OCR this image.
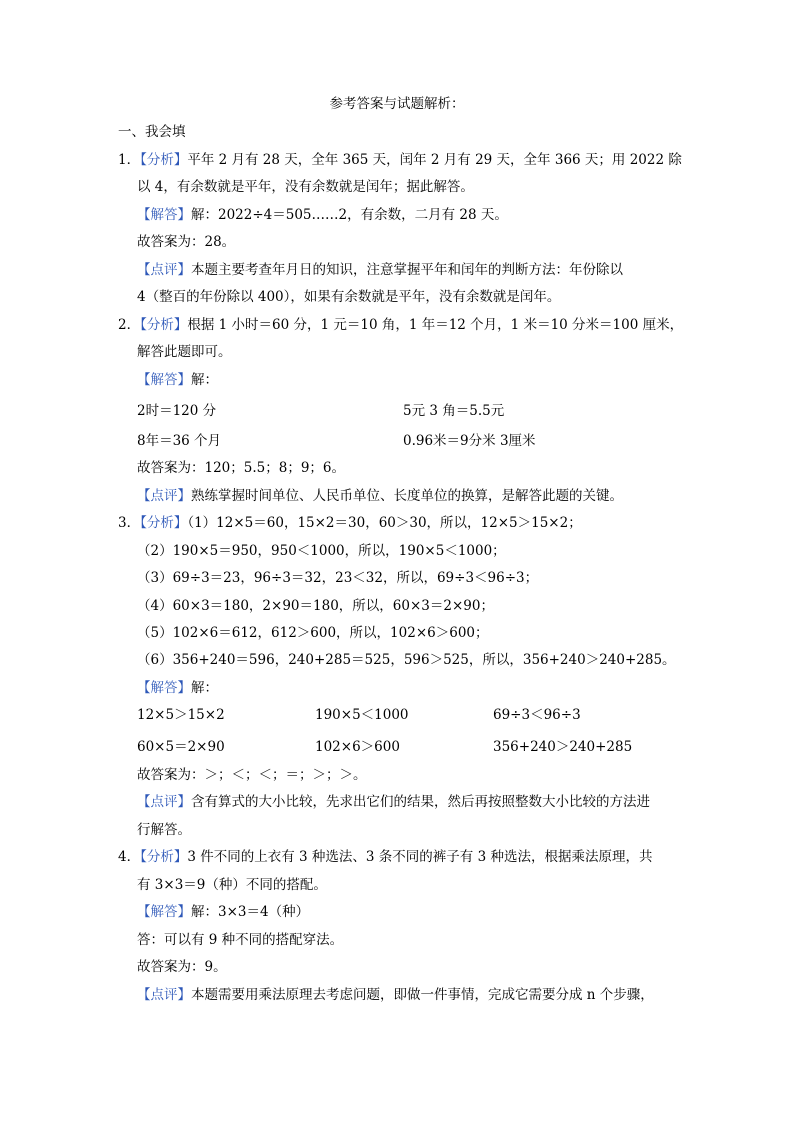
参考答案与试题解析：
一、我会填
1．【分析】平年 2 月有 28 天，全年 365 天，闰年 2 月有 29 天，全年 366 天；用 2022 除
以 4，有余数就是平年，没有余数就是闰年；据此解答。
【解答】解：2022÷4＝505……2，有余数，二月有 28 天。
故答案为：28。
【点评】本题主要考查年月日的知识，注意掌握平年和闰年的判断方法：年份除以
4（整百的年份除以 400），如果有余数就是平年，没有余数就是闰年。
2．【分析】根据 1 小时＝60 分，1 元＝10 角，1 年＝12 个月，1 米＝10 分米＝100 厘米，
解答此题即可。
【解答】解：
2时＝120 分	5元 3 角＝5.5元
8年＝36 个月	0.96米＝9分米 3厘米
故答案为：120；5.5；8；9；6。
【点评】熟练掌握时间单位、人民币单位、长度单位的换算，是解答此题的关键。
3．【分析】（1）12×5＝60，15×2＝30，60＞30，所以，12×5＞15×2；
（2）190×5＝950，950＜1000，所以，190×5＜1000；
（3）69÷3＝23，96÷3＝32，23＜32，所以，69÷3＜96÷3；
（4）60×3＝180，2×90＝180，所以，60×3＝2×90；
（5）102×6＝612，612＞600，所以，102×6＞600；
（6）356+240＝596，240+285＝525，596＞525，所以，356+240＞240+285。
【解答】解：
12×5＞15×2	190×5＜1000	69÷3＜96÷3
60×5＝2×90	102×6＞600	356+240＞240+285
故答案为：＞；＜；＜；＝；＞；＞。
【点评】含有算式的大小比较，先求出它们的结果，然后再按照整数大小比较的方法进
行解答。
4．【分析】3 件不同的上衣有 3 种选法、3 条不同的裤子有 3 种选法，根据乘法原理，共
有 3×3＝9（种）不同的搭配。
【解答】解：3×3＝4（种）
答：可以有 9 种不同的搭配穿法。
故答案为：9。
【点评】本题需要用乘法原理去考虑问题，即做一件事情，完成它需要分成 n 个步骤，
